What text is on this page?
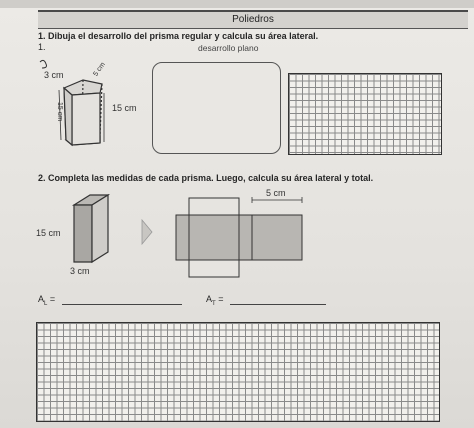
Poliedros
1. Dibuja el desarrollo del prisma regular y calcula su área lateral.
1.	desarrollo plano
3 cm	5 cm
15 cm
15 cm
2. Completa las medidas de cada prisma. Luego, calcula su área lateral y total.
15 cm
3 cm
5 cm
$A_L$ =	$A_T$ =
